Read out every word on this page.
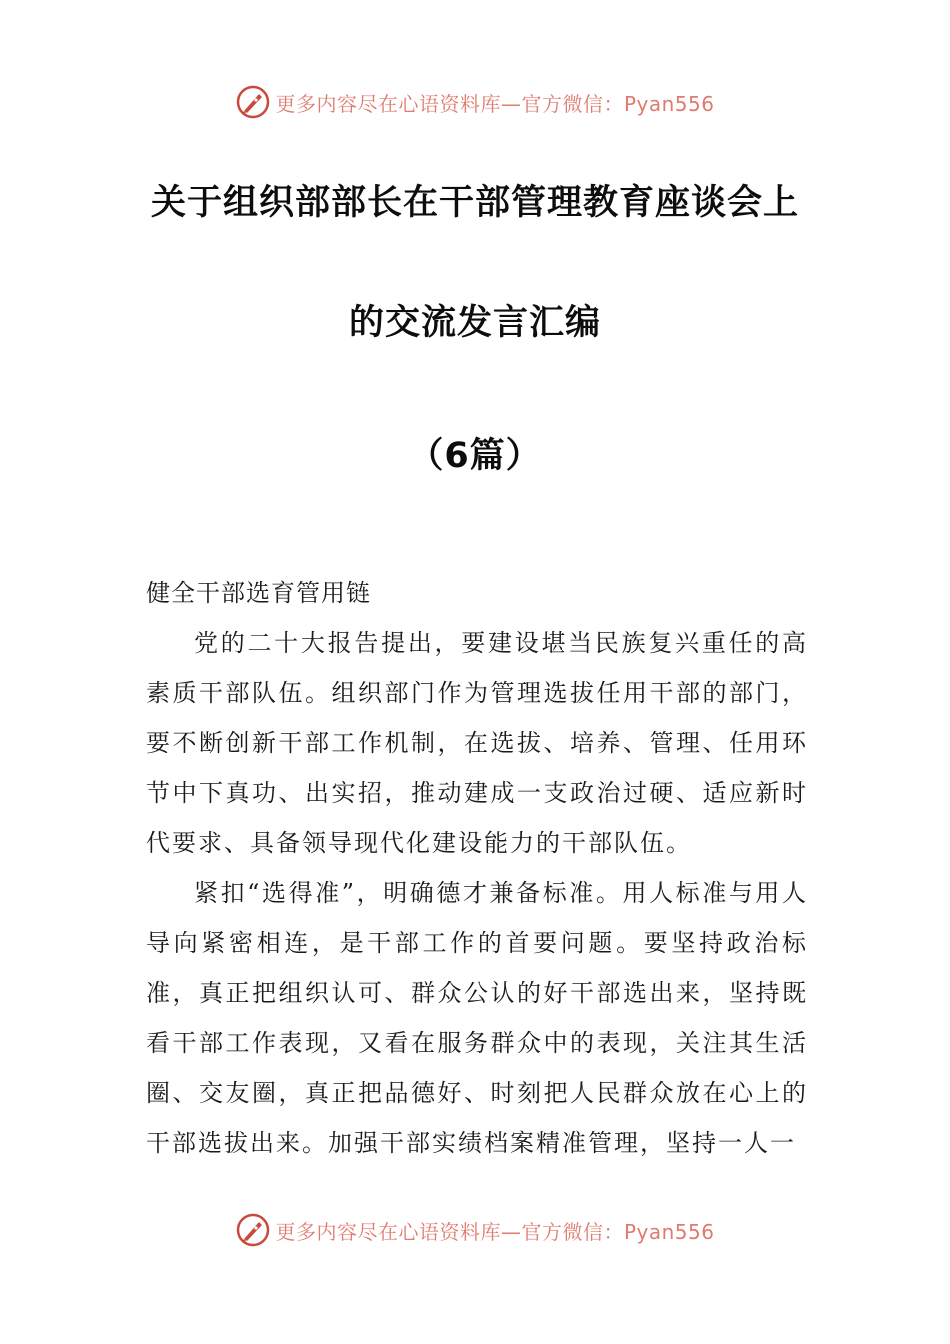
更多内容尽在心语资料库—官方微信：Pyan556
关于组织部部长在干部管理教育座谈会上
的交流发言汇编
（6篇）
健全干部选育管用链

党的二十大报告提出，要建设堪当民族复兴重任的高素质干部队伍。组织部门作为管理选拔任用干部的部门，要不断创新干部工作机制，在选拔、培养、管理、任用环节中下真功、出实招，推动建成一支政治过硬、适应新时代要求、具备领导现代化建设能力的干部队伍。

紧扣“选得准”，明确德才兼备标准。用人标准与用人导向紧密相连，是干部工作的首要问题。要坚持政治标准，真正把组织认可、群众公认的好干部选出来，坚持既看干部工作表现，又看在服务群众中的表现，关注其生活圈、交友圈，真正把品德好、时刻把人民群众放在心上的干部选拔出来。加强干部实绩档案精准管理，坚持一人一

更多内容尽在心语资料库—官方微信：Pyan556
